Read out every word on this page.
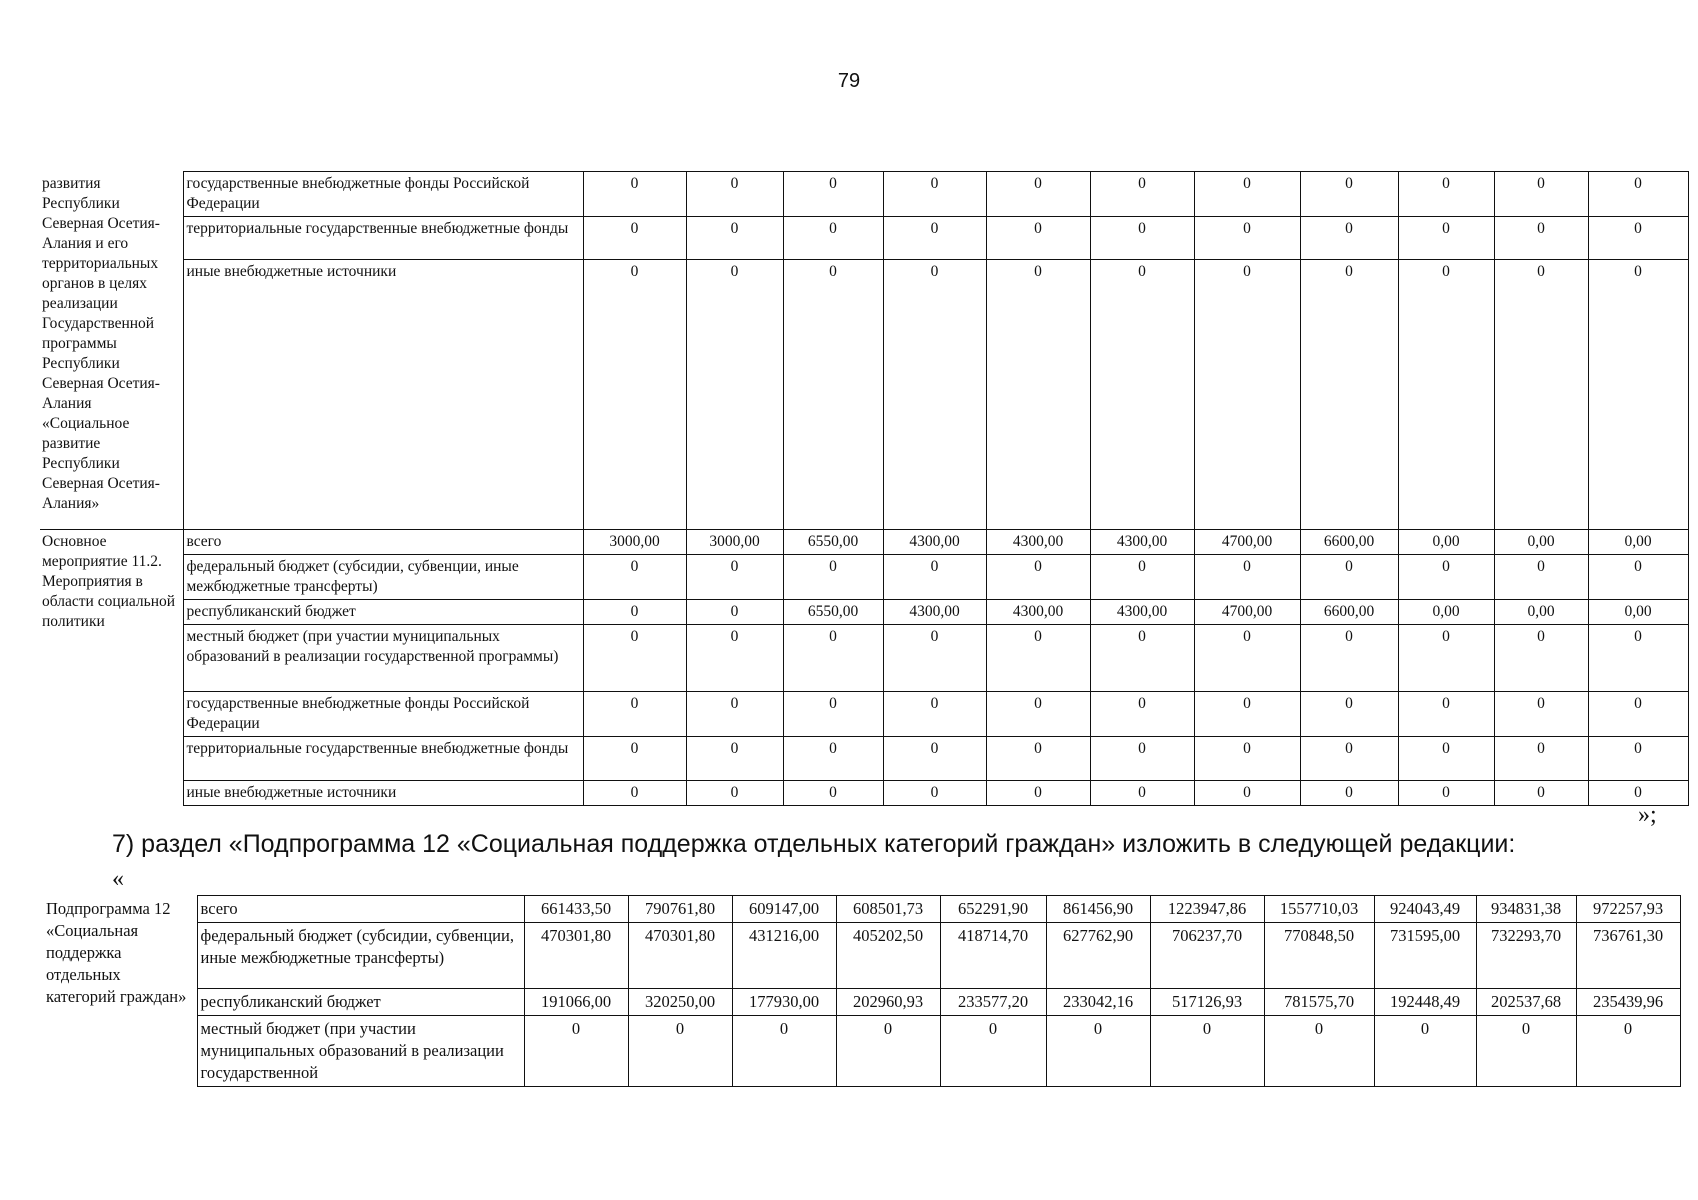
79
развития Республики Северная Осетия-Алания и его территориальных органов в целях реализации Государственной программы Республики Северная Осетия-Алания «Социальное развитие Республики Северная Осетия-Алания»	государственные внебюджетные фонды Российской Федерации	0	0	0	0	0	0	0	0	0	0	0
	территориальные государственные внебюджетные фонды	0	0	0	0	0	0	0	0	0	0	0
	иные внебюджетные источники	0	0	0	0	0	0	0	0	0	0	0
Основное мероприятие 11.2. Мероприятия в области социальной политики	всего	3000,00	3000,00	6550,00	4300,00	4300,00	4300,00	4700,00	6600,00	0,00	0,00	0,00
	федеральный бюджет (субсидии, субвенции, иные межбюджетные трансферты)	0	0	0	0	0	0	0	0	0	0	0
	республиканский бюджет	0	0	6550,00	4300,00	4300,00	4300,00	4700,00	6600,00	0,00	0,00	0,00
	местный бюджет (при участии муниципальных образований в реализации государственной программы)	0	0	0	0	0	0	0	0	0	0	0
	государственные внебюджетные фонды Российской Федерации	0	0	0	0	0	0	0	0	0	0	0
	территориальные государственные внебюджетные фонды	0	0	0	0	0	0	0	0	0	0	0
	иные внебюджетные источники	0	0	0	0	0	0	0	0	0	0	0
»;
7) раздел «Подпрограмма 12 «Социальная поддержка отдельных категорий граждан» изложить в следующей редакции:
«
Подпрограмма 12 «Социальная поддержка отдельных категорий граждан»	всего	661433,50	790761,80	609147,00	608501,73	652291,90	861456,90	1223947,86	1557710,03	924043,49	934831,38	972257,93
	федеральный бюджет (субсидии, субвенции, иные межбюджетные трансферты)	470301,80	470301,80	431216,00	405202,50	418714,70	627762,90	706237,70	770848,50	731595,00	732293,70	736761,30
	республиканский бюджет	191066,00	320250,00	177930,00	202960,93	233577,20	233042,16	517126,93	781575,70	192448,49	202537,68	235439,96
	местный бюджет (при участии муниципальных образований в реализации государственной	0	0	0	0	0	0	0	0	0	0	0
